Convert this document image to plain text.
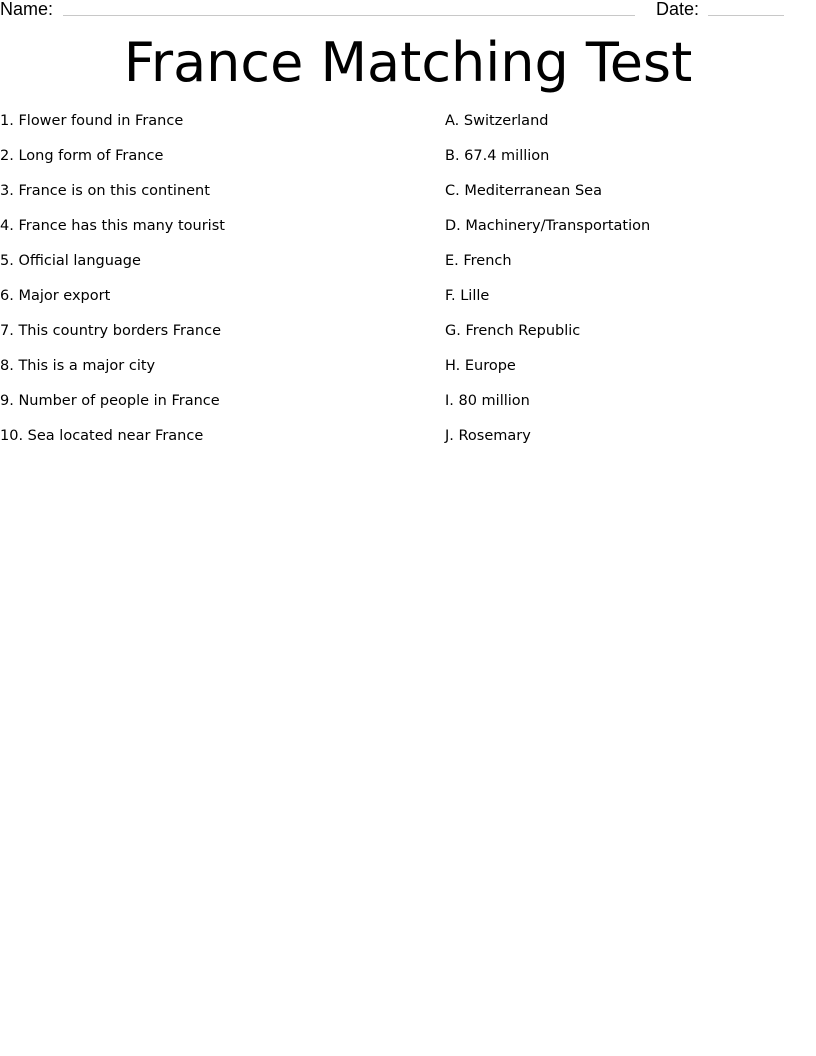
Name:	Date:
France Matching Test
1. Flower found in France
2. Long form of France
3. France is on this continent
4. France has this many tourist
5. Official language
6. Major export
7. This country borders France
8. This is a major city
9. Number of people in France
10. Sea located near France
A. Switzerland
B. 67.4 million
C. Mediterranean Sea
D. Machinery/Transportation
E. French
F. Lille
G. French Republic
H. Europe
I. 80 million
J. Rosemary
